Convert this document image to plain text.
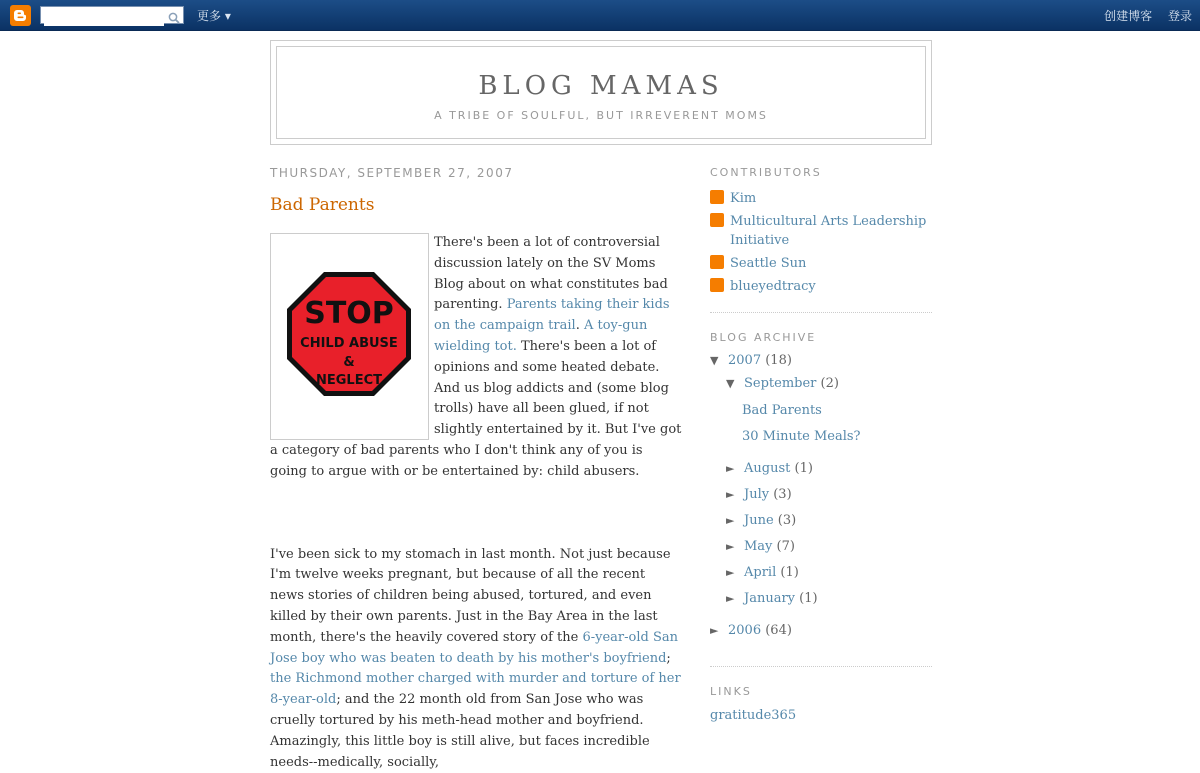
更多 ▾	创建博客 登录
BLOG MAMAS
A TRIBE OF SOULFUL, BUT IRREVERENT MOMS
THURSDAY, SEPTEMBER 27, 2007
Bad Parents
STOP
CHILD ABUSE
&
NEGLECT
There's been a lot of controversial discussion lately on the SV Moms Blog about on what constitutes bad parenting. Parents taking their kids on the campaign trail. A toy-gun wielding tot. There's been a lot of opinions and some heated debate. And us blog addicts and (some blog trolls) have all been glued, if not slightly entertained by it. But I've got a category of bad parents who I don't think any of you is going to argue with or be entertained by: child abusers.
I've been sick to my stomach in last month. Not just because I'm twelve weeks pregnant, but because of all the recent news stories of children being abused, tortured, and even killed by their own parents. Just in the Bay Area in the last month, there's the heavily covered story of the 6-year-old San Jose boy who was beaten to death by his mother's boyfriend; the Richmond mother charged with murder and torture of her 8-year-old; and the 22 month old from San Jose who was cruelly tortured by his meth-head mother and boyfriend. Amazingly, this little boy is still alive, but faces incredible needs--medically, socially,
CONTRIBUTORS
Kim
Multicultural Arts Leadership Initiative
Seattle Sun
blueyedtracy
BLOG ARCHIVE
▼ 2007 (18)
▼ September (2)
Bad Parents
30 Minute Meals?
► August (1)
► July (3)
► June (3)
► May (7)
► April (1)
► January (1)
► 2006 (64)
LINKS
gratitude365
